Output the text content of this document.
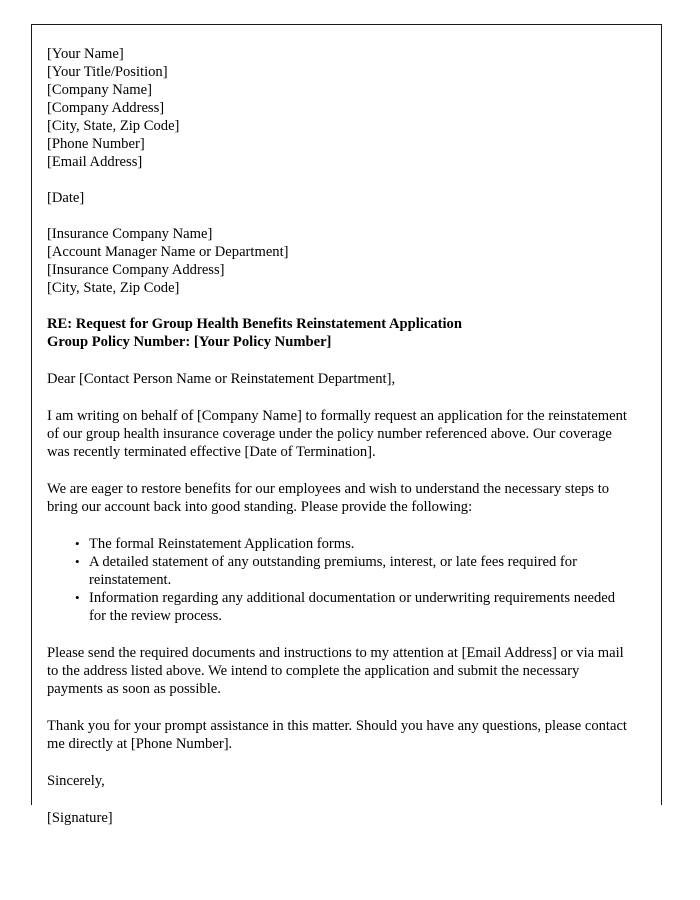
[Your Name]
[Your Title/Position]
[Company Name]
[Company Address]
[City, State, Zip Code]
[Phone Number]
[Email Address]
[Date]
[Insurance Company Name]
[Account Manager Name or Department]
[Insurance Company Address]
[City, State, Zip Code]
RE: Request for Group Health Benefits Reinstatement Application
Group Policy Number: [Your Policy Number]

Dear [Contact Person Name or Reinstatement Department],

I am writing on behalf of [Company Name] to formally request an application for the reinstatement of our group health insurance coverage under the policy number referenced above. Our coverage was recently terminated effective [Date of Termination].

We are eager to restore benefits for our employees and wish to understand the necessary steps to bring our account back into good standing. Please provide the following:

• The formal Reinstatement Application forms.
• A detailed statement of any outstanding premiums, interest, or late fees required for reinstatement.
• Information regarding any additional documentation or underwriting requirements needed for the review process.

Please send the required documents and instructions to my attention at [Email Address] or via mail to the address listed above. We intend to complete the application and submit the necessary payments as soon as possible.

Thank you for your prompt assistance in this matter. Should you have any questions, please contact me directly at [Phone Number].

Sincerely,

[Signature]
